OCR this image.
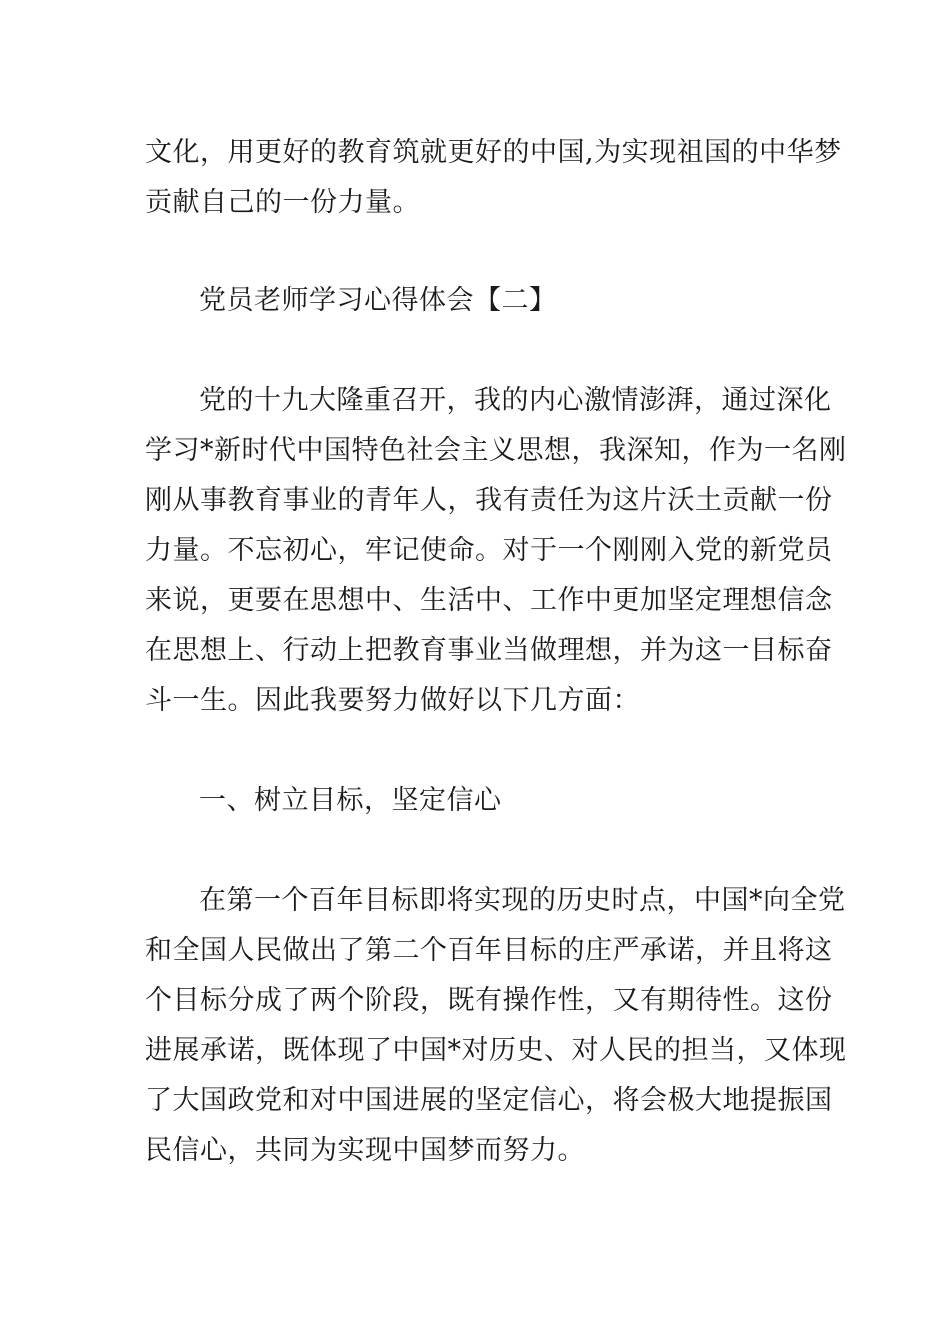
文化，用更好的教育筑就更好的中国,为实现祖国的中华梦
贡献自己的一份力量。
党员老师学习心得体会【二】
党的十九大隆重召开，我的内心激情澎湃，通过深化
学习*新时代中国特色社会主义思想，我深知，作为一名刚
刚从事教育事业的青年人，我有责任为这片沃土贡献一份
力量。不忘初心，牢记使命。对于一个刚刚入党的新党员
来说，更要在思想中、生活中、工作中更加坚定理想信念
在思想上、行动上把教育事业当做理想，并为这一目标奋
斗一生。因此我要努力做好以下几方面：
一、树立目标，坚定信心
在第一个百年目标即将实现的历史时点，中国*向全党
和全国人民做出了第二个百年目标的庄严承诺，并且将这
个目标分成了两个阶段，既有操作性，又有期待性。这份
进展承诺，既体现了中国*对历史、对人民的担当，又体现
了大国政党和对中国进展的坚定信心，将会极大地提振国
民信心，共同为实现中国梦而努力。
